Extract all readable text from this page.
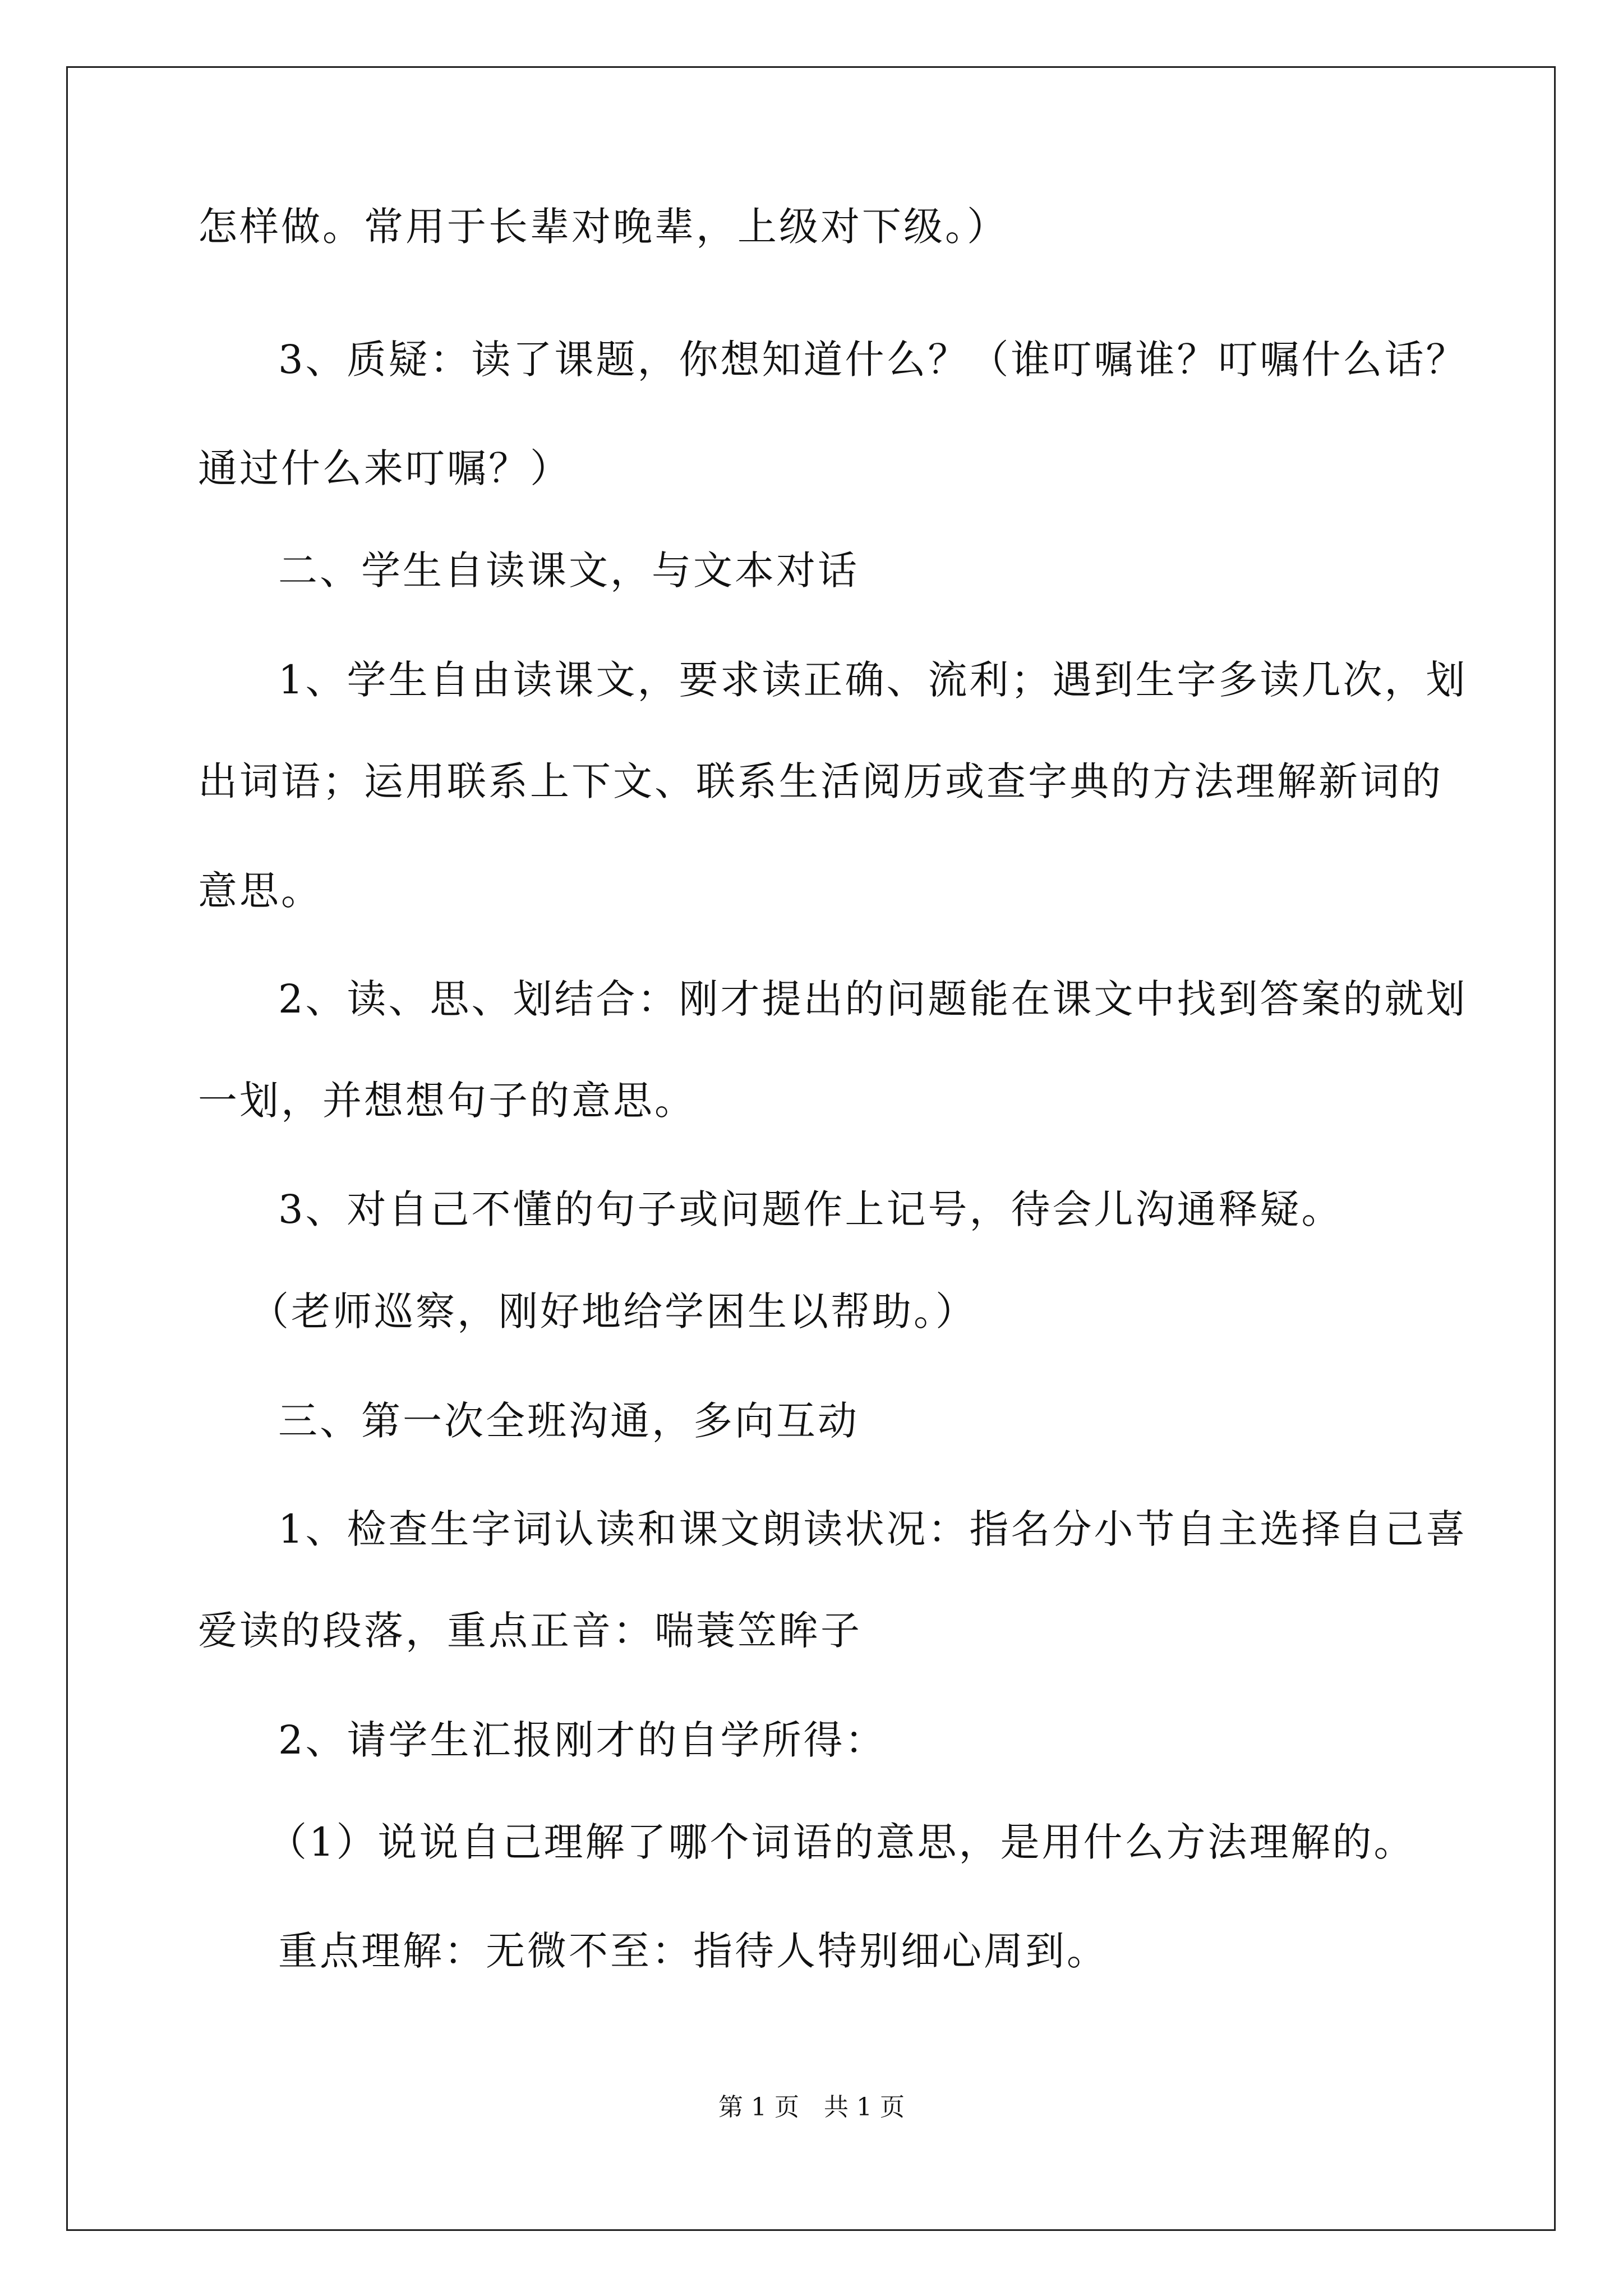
怎样做。常用于长辈对晚辈，上级对下级。）
3、质疑：读了课题，你想知道什么？（谁叮嘱谁？叮嘱什么话？
通过什么来叮嘱？）
二、学生自读课文，与文本对话
1、学生自由读课文，要求读正确、流利；遇到生字多读几次，划
出词语；运用联系上下文、联系生活阅历或查字典的方法理解新词的
意思。
2、读、思、划结合：刚才提出的问题能在课文中找到答案的就划
一划，并想想句子的意思。
3、对自己不懂的句子或问题作上记号，待会儿沟通释疑。
（老师巡察，刚好地给学困生以帮助。）
三、第一次全班沟通，多向互动
1、检查生字词认读和课文朗读状况：指名分小节自主选择自己喜
爱读的段落，重点正音：喘蓑笠眸子
2、请学生汇报刚才的自学所得：
（1）说说自己理解了哪个词语的意思，是用什么方法理解的。
重点理解：无微不至：指待人特别细心周到。
第 1 页　共 1 页
